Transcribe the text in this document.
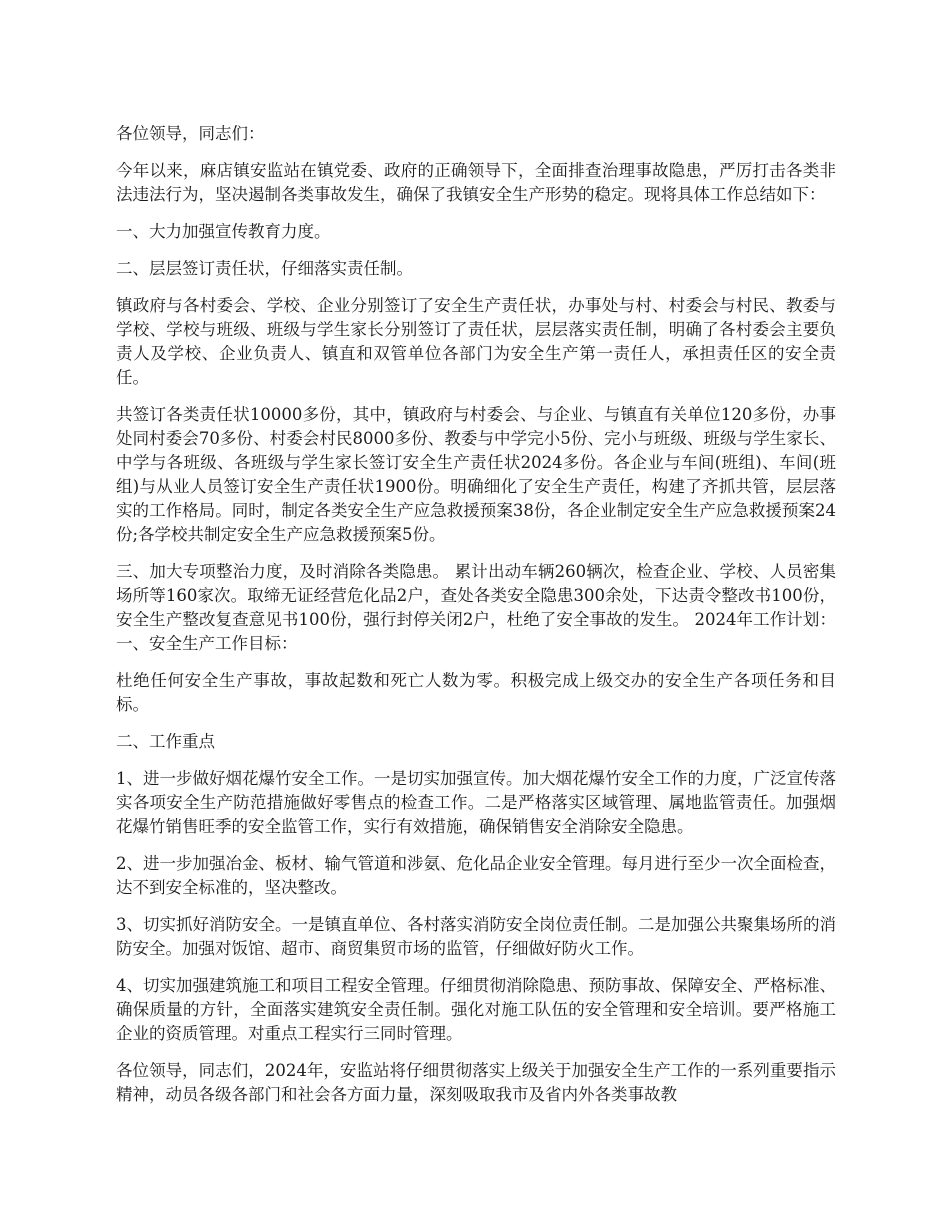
各位领导，同志们：

今年以来，麻店镇安监站在镇党委、政府的正确领导下，全面排查治理事故隐患，严厉打击各类非法违法行为，坚决遏制各类事故发生，确保了我镇安全生产形势的稳定。现将具体工作总结如下：

一、大力加强宣传教育力度。

二、层层签订责任状，仔细落实责任制。

镇政府与各村委会、学校、企业分别签订了安全生产责任状，办事处与村、村委会与村民、教委与学校、学校与班级、班级与学生家长分别签订了责任状，层层落实责任制，明确了各村委会主要负责人及学校、企业负责人、镇直和双管单位各部门为安全生产第一责任人，承担责任区的安全责任。

共签订各类责任状10000多份，其中，镇政府与村委会、与企业、与镇直有关单位120多份，办事处同村委会70多份、村委会村民8000多份、教委与中学完小5份、完小与班级、班级与学生家长、中学与各班级、各班级与学生家长签订安全生产责任状2024多份。各企业与车间(班组)、车间(班组)与从业人员签订安全生产责任状1900份。明确细化了安全生产责任，构建了齐抓共管，层层落实的工作格局。同时，制定各类安全生产应急救援预案38份，各企业制定安全生产应急救援预案24份;各学校共制定安全生产应急救援预案5份。

三、加大专项整治力度，及时消除各类隐患。 累计出动车辆260辆次，检查企业、学校、人员密集场所等160家次。取缔无证经营危化品2户，查处各类安全隐患300余处，下达责令整改书100份，安全生产整改复查意见书100份，强行封停关闭2户，杜绝了安全事故的发生。 2024年工作计划： 一、安全生产工作目标：

杜绝任何安全生产事故，事故起数和死亡人数为零。积极完成上级交办的安全生产各项任务和目标。

二、工作重点

1、进一步做好烟花爆竹安全工作。一是切实加强宣传。加大烟花爆竹安全工作的力度，广泛宣传落实各项安全生产防范措施做好零售点的检查工作。二是严格落实区域管理、属地监管责任。加强烟花爆竹销售旺季的安全监管工作，实行有效措施，确保销售安全消除安全隐患。

2、进一步加强冶金、板材、输气管道和涉氨、危化品企业安全管理。每月进行至少一次全面检查，达不到安全标准的，坚决整改。

3、切实抓好消防安全。一是镇直单位、各村落实消防安全岗位责任制。二是加强公共聚集场所的消防安全。加强对饭馆、超市、商贸集贸市场的监管，仔细做好防火工作。

4、切实加强建筑施工和项目工程安全管理。仔细贯彻消除隐患、预防事故、保障安全、严格标准、确保质量的方针，全面落实建筑安全责任制。强化对施工队伍的安全管理和安全培训。要严格施工企业的资质管理。对重点工程实行三同时管理。

各位领导，同志们，2024年，安监站将仔细贯彻落实上级关于加强安全生产工作的一系列重要指示精神，动员各级各部门和社会各方面力量，深刻吸取我市及省内外各类事故教
